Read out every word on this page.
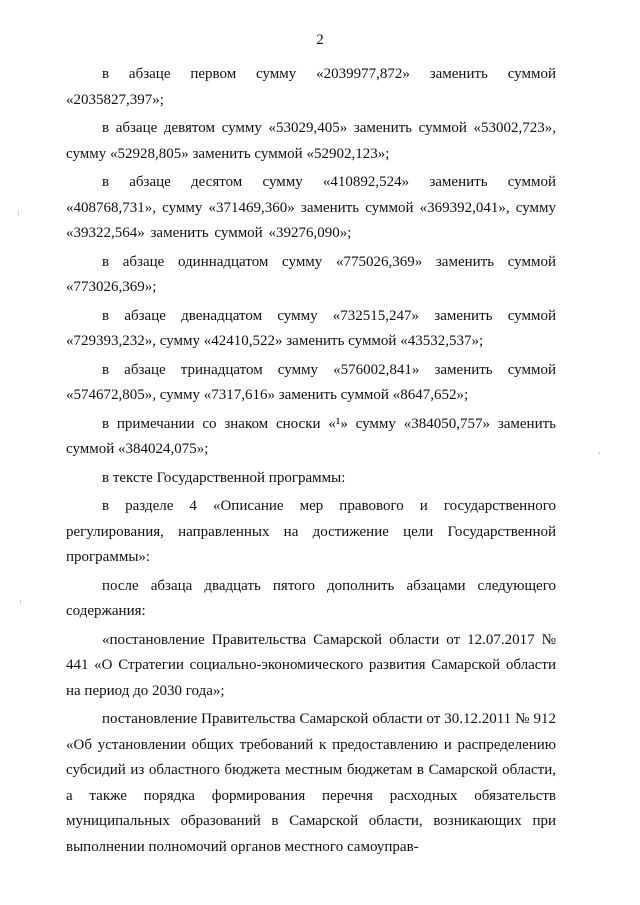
2

в абзаце первом сумму «2039977,872» заменить суммой «2035827,397»;

в абзаце девятом сумму «53029,405» заменить суммой «53002,723», сумму «52928,805» заменить суммой «52902,123»;

в абзаце десятом сумму «410892,524» заменить суммой «408768,731», сумму «371469,360» заменить суммой «369392,041», сумму «39322,564» заменить суммой «39276,090»;

в абзаце одиннадцатом сумму «775026,369» заменить суммой «773026,369»;

в абзаце двенадцатом сумму «732515,247» заменить суммой «729393,232», сумму «42410,522» заменить суммой «43532,537»;

в абзаце тринадцатом сумму «576002,841» заменить суммой «574672,805», сумму «7317,616» заменить суммой «8647,652»;

в примечании со знаком сноски «¹» сумму «384050,757» заменить суммой «384024,075»;

в тексте Государственной программы:

в разделе 4 «Описание мер правового и государственного регулирования, направленных на достижение цели Государственной программы»:

после абзаца двадцать пятого дополнить абзацами следующего содержания:

«постановление Правительства Самарской области от 12.07.2017 № 441 «О Стратегии социально-экономического развития Самарской области на период до 2030 года»;

постановление Правительства Самарской области от 30.12.2011 № 912 «Об установлении общих требований к предоставлению и распределению субсидий из областного бюджета местным бюджетам в Самарской области, а также порядка формирования перечня расходных обязательств муниципальных образований в Самарской области, возникающих при выполнении полномочий органов местного самоуправ-
